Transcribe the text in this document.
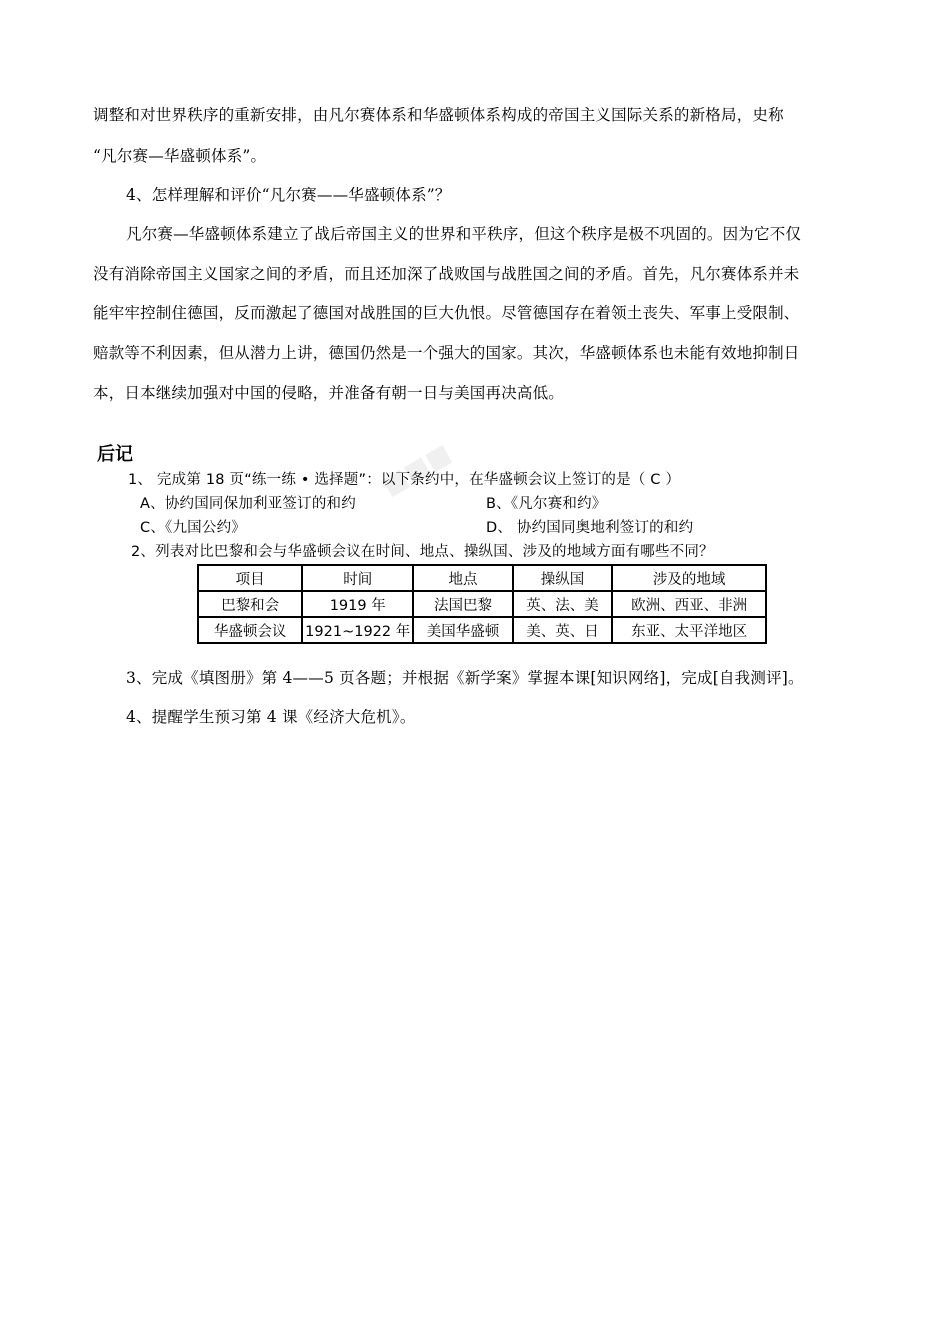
■■■
调整和对世界秩序的重新安排，由凡尔赛体系和华盛顿体系构成的帝国主义国际关系的新格局，史称
“凡尔赛—华盛顿体系”。
4、怎样理解和评价“凡尔赛——华盛顿体系”？
凡尔赛—华盛顿体系建立了战后帝国主义的世界和平秩序，但这个秩序是极不巩固的。因为它不仅
没有消除帝国主义国家之间的矛盾，而且还加深了战败国与战胜国之间的矛盾。首先，凡尔赛体系并未
能牢牢控制住德国，反而激起了德国对战胜国的巨大仇恨。尽管德国存在着领土丧失、军事上受限制、
赔款等不利因素，但从潜力上讲，德国仍然是一个强大的国家。其次，华盛顿体系也未能有效地抑制日
本，日本继续加强对中国的侵略，并准备有朝一日与美国再决高低。
后记
1、 完成第 18 页“练一练 • 选择题”：以下条约中，在华盛顿会议上签订的是（ C ）
A、协约国同保加利亚签订的和约	B、《凡尔赛和约》
C、《九国公约》	D、 协约国同奥地利签订的和约
2、列表对比巴黎和会与华盛顿会议在时间、地点、操纵国、涉及的地域方面有哪些不同？
项目	时间	地点	操纵国	涉及的地域
巴黎和会	1919 年	法国巴黎	英、法、美	欧洲、西亚、非洲
华盛顿会议	1921~1922 年	美国华盛顿	美、英、日	东亚、太平洋地区
3、完成《填图册》第 4——5 页各题；并根据《新学案》掌握本课[知识网络]，完成[自我测评]。
4、提醒学生预习第 4 课《经济大危机》。
